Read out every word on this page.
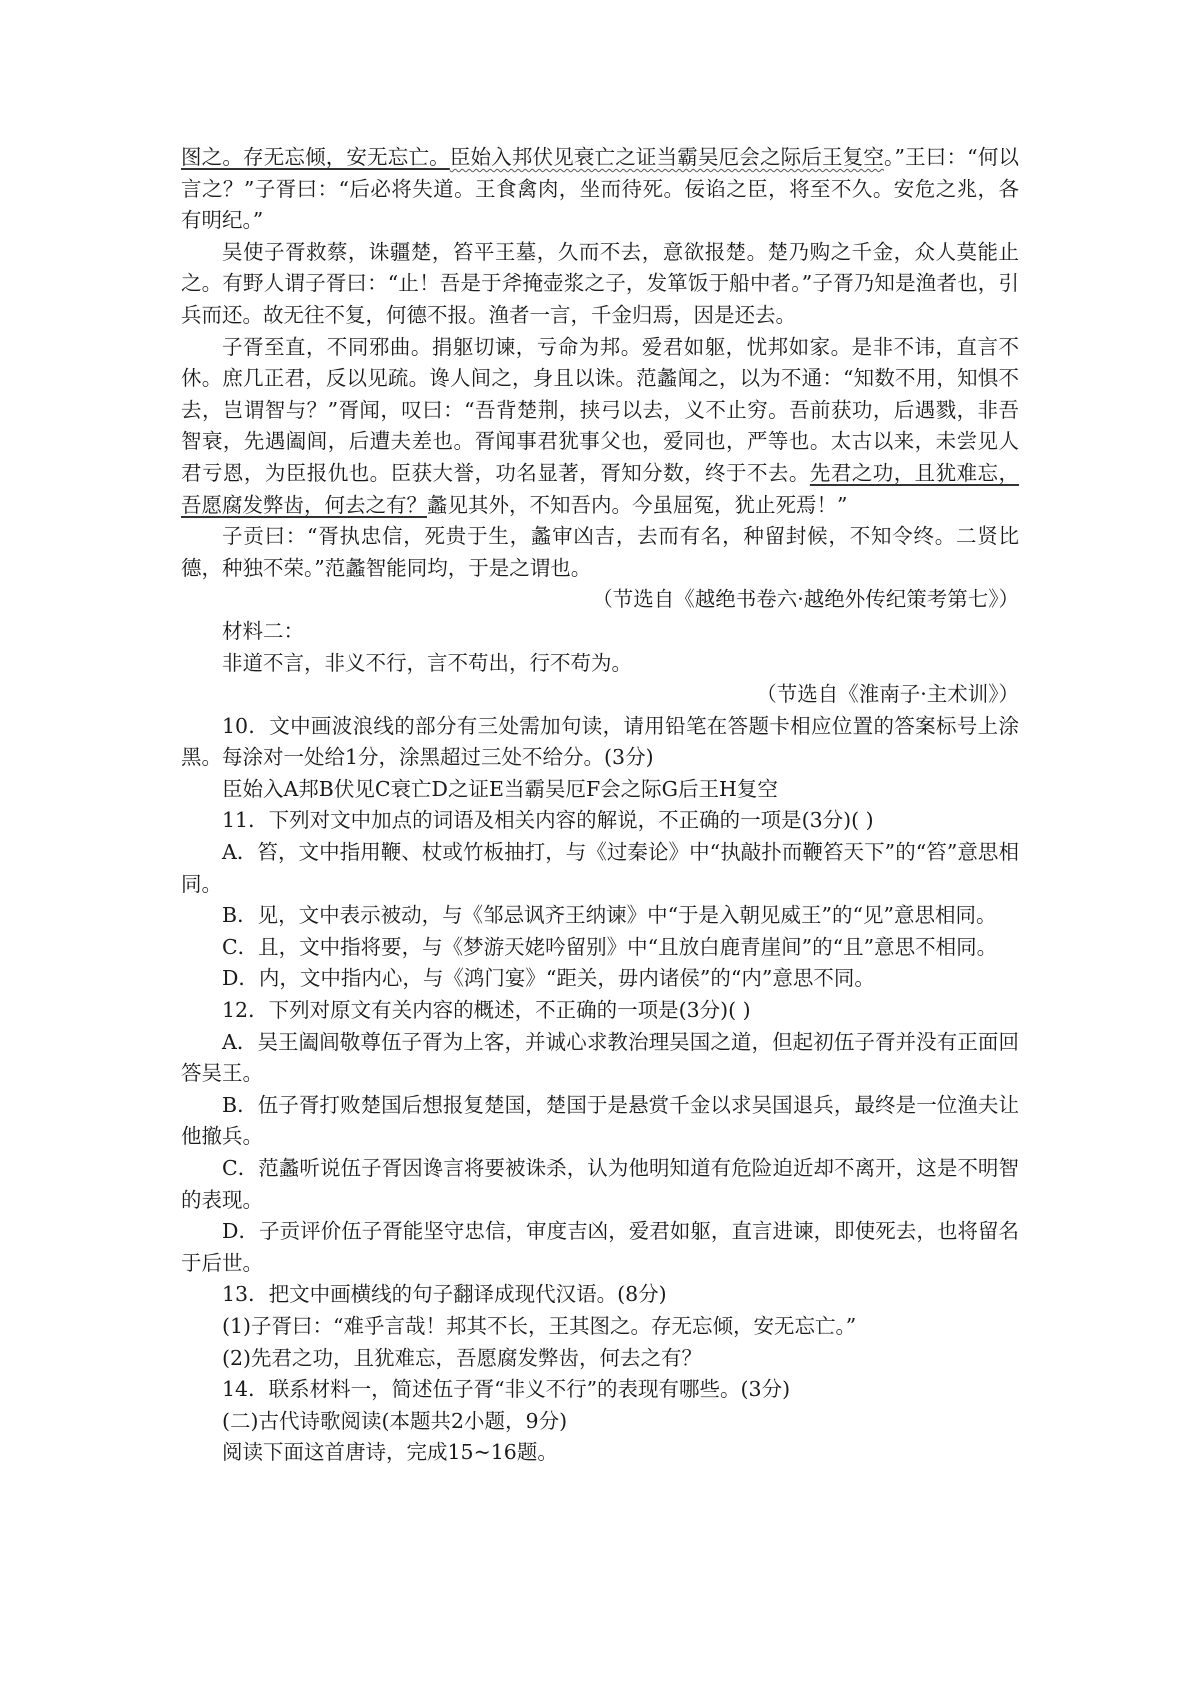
图之。存无忘倾，安无忘亡。臣始入邦伏见衰亡之证当霸吴厄会之际后王复空。”王曰：“何以言之？”子胥曰：“后必将失道。王食禽肉，坐而待死。佞谄之臣，将至不久。安危之兆，各有明纪。”

吴使子胥救蔡，诛疆楚，笞平王墓，久而不去，意欲报楚。楚乃购之千金，众人莫能止之。有野人谓子胥曰：“止！吾是于斧掩壶浆之子，发箪饭于船中者。”子胥乃知是渔者也，引兵而还。故无往不复，何德不报。渔者一言，千金归焉，因是还去。

子胥至直，不同邪曲。捐躯切谏，亏命为邦。爱君如躯，忧邦如家。是非不讳，直言不休。庶几正君，反以见疏。谗人间之，身且以诛。范蠡闻之，以为不通：“知数不用，知惧不去，岂谓智与？”胥闻，叹曰：“吾背楚荆，挟弓以去，义不止穷。吾前获功，后遇戮，非吾智衰，先遇阖闾，后遭夫差也。胥闻事君犹事父也，爱同也，严等也。太古以来，未尝见人君亏恩，为臣报仇也。臣获大誉，功名显著，胥知分数，终于不去。先君之功，且犹难忘，吾愿腐发弊齿，何去之有？蠡见其外，不知吾内。今虽屈冤，犹止死焉！”

子贡曰：“胥执忠信，死贵于生，蠡审凶吉，去而有名，种留封候，不知令终。二贤比德，种独不荣。”范蠡智能同均，于是之谓也。

（节选自《越绝书卷六·越绝外传纪策考第七》）

材料二：

非道不言，非义不行，言不苟出，行不苟为。

（节选自《淮南子·主术训》）

10．文中画波浪线的部分有三处需加句读，请用铅笔在答题卡相应位置的答案标号上涂黑。每涂对一处给1分，涂黑超过三处不给分。(3分)

臣始入A邦B伏见C衰亡D之证E当霸吴厄F会之际G后王H复空

11．下列对文中加点的词语及相关内容的解说，不正确的一项是(3分)( )

A．笞，文中指用鞭、杖或竹板抽打，与《过秦论》中“执敲扑而鞭笞天下”的“笞”意思相同。

B．见，文中表示被动，与《邹忌讽齐王纳谏》中“于是入朝见威王”的“见”意思相同。

C．且，文中指将要，与《梦游天姥吟留别》中“且放白鹿青崖间”的“且”意思不相同。

D．内，文中指内心，与《鸿门宴》“距关，毋内诸侯”的“内”意思不同。

12．下列对原文有关内容的概述，不正确的一项是(3分)( )

A．吴王阖闾敬尊伍子胥为上客，并诚心求教治理吴国之道，但起初伍子胥并没有正面回答吴王。

B．伍子胥打败楚国后想报复楚国，楚国于是悬赏千金以求吴国退兵，最终是一位渔夫让他撤兵。

C．范蠡听说伍子胥因谗言将要被诛杀，认为他明知道有危险迫近却不离开，这是不明智的表现。

D．子贡评价伍子胥能坚守忠信，审度吉凶，爱君如躯，直言进谏，即使死去，也将留名于后世。

13．把文中画横线的句子翻译成现代汉语。(8分)

(1)子胥曰：“难乎言哉！邦其不长，王其图之。存无忘倾，安无忘亡。”

(2)先君之功，且犹难忘，吾愿腐发弊齿，何去之有？

14．联系材料一，简述伍子胥“非义不行”的表现有哪些。(3分)

(二)古代诗歌阅读(本题共2小题，9分)

阅读下面这首唐诗，完成15~16题。
